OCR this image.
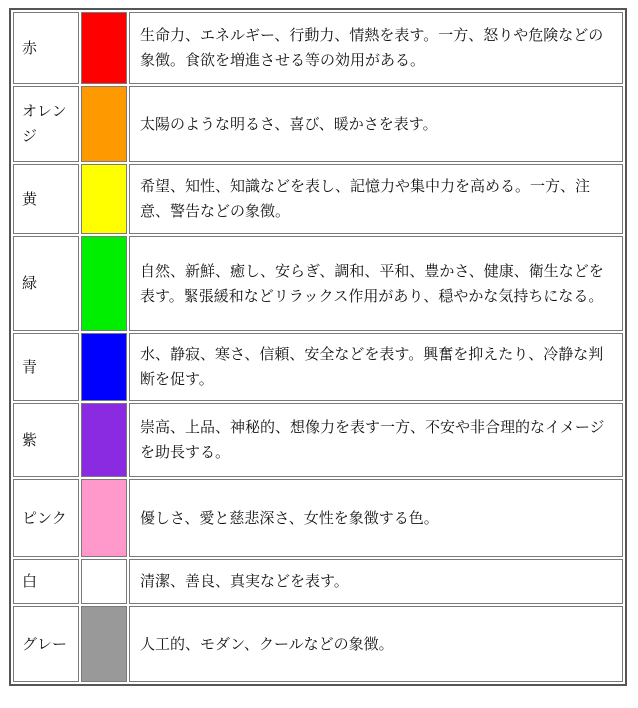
赤		生命力、エネルギー、行動力、情熱を表す。一方、怒りや危険などの象徴。食欲を増進させる等の効用がある。
オレンジ		太陽のような明るさ、喜び、暖かさを表す。
黄		希望、知性、知識などを表し、記憶力や集中力を高める。一方、注意、警告などの象徴。
緑		自然、新鮮、癒し、安らぎ、調和、平和、豊かさ、健康、衛生などを表す。緊張緩和などリラックス作用があり、穏やかな気持ちになる。
青		水、静寂、寒さ、信頼、安全などを表す。興奮を抑えたり、冷静な判断を促す。
紫		崇高、上品、神秘的、想像力を表す一方、不安や非合理的なイメージを助長する。
ピンク		優しさ、愛と慈悲深さ、女性を象徴する色。
白		清潔、善良、真実などを表す。
グレー		人工的、モダン、クールなどの象徴。
